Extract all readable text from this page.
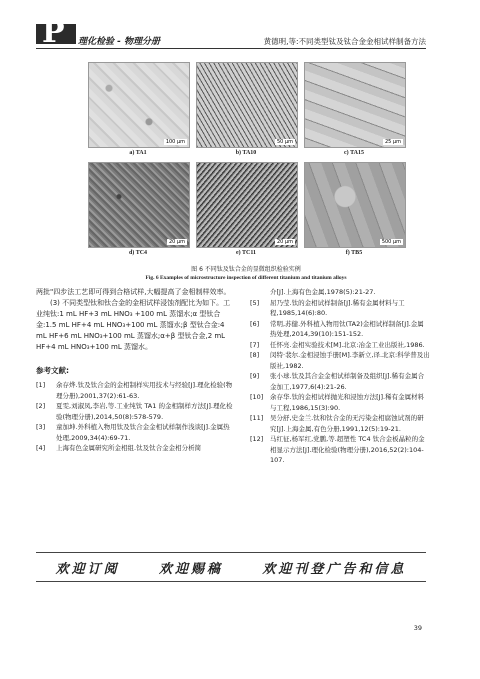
P 理化检验 - 物理分册	黄德明,等:不同类型钛及钛合金金相试样制备方法
100 μm
a) TA1
50 μm
b) TA10
25 μm
c) TA15
20 μm
d) TC4
20 μm
e) TC11
500 μm
f) TB5
图 6 不同钛及钛合金的显微组织检验实例
Fig. 6 Examples of microstructure inspection of different titanium and titanium alloys

两批"四步法工艺即可得到合格试样,大幅提高了金相制样效率。

(3) 不同类型钛和钛合金的金相试样浸蚀剂配比为如下。工业纯钛:1 mL HF+3 mL HNO₃ +100 mL 蒸馏水;α 型钛合金:1.5 mL HF+4 mL HNO₃+100 mL 蒸馏水;β 型钛合金:4 mL HF+6 mL HNO₃+100 mL 蒸馏水;α+β 型钛合金,2 mL HF+4 mL HNO₃+100 mL 蒸馏水。

参考文献:
[1]	余存烨.钛及钛合金的金相制样实用技术与经验[J].理化检验(物理分册),2001,37(2):61-63.
[2]	夏雯,刘淑凤,李岩,等.工业纯钛 TA1 的金相制样方法[J].理化检验(物理分册),2014,50(8):578-579.
[3]	童加坤.外科植入物用钛及钛合金金相试样制作浅谈[J].金属热处理,2009,34(4):69-71.
[4]	上海有色金属研究所金相组.钛及钛合金金相分析简
介[J].上海有色金属,1978(5):21-27.
[5]	屈乃莹.钛的金相试样制备[J].稀有金属材料与工程,1985,14(6):80.
[6]	常明,苏健.外科植入物用钛(TA2)金相试样制备[J].金属热处理,2014,39(10):151-152.
[7]	任怀亮.金相实验技术[M].北京:冶金工业出版社,1986.
[8]	闵特·裴尔.金相浸蚀手册[M].李新立,译.北京:科学普及出版社,1982.
[9]	张小球.钛及其合金金相试样制备及组织[J].稀有金属合金加工,1977,6(4):21-26.
[10]	余存华.钛的金相试样抛光和浸蚀方法[J].稀有金属材料与工程,1986,15(3):90.
[11]	吴分舒,史金兰.钛和钛合金的无污染金相腐蚀试剂的研究[J].上海金属,有色分册,1991,12(5):19-21.
[12]	马红征,杨军红,党鹏,等.超塑性 TC4 钛合金板晶粒的金相显示方法[J].理化检验(物理分册),2016,52(2):104-107.
欢迎订阅	欢迎赐稿	欢迎刊登广告和信息
39
